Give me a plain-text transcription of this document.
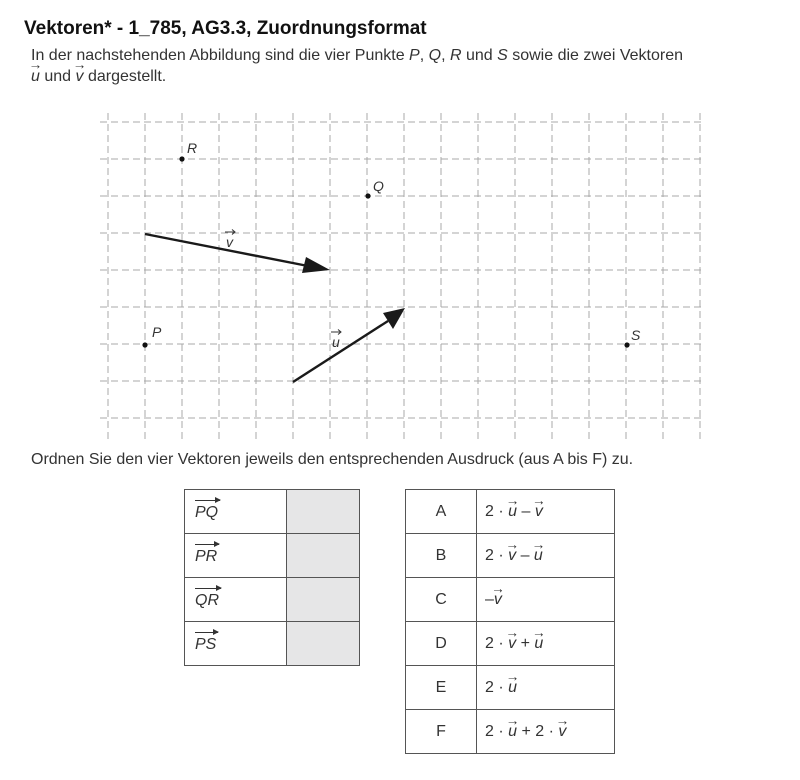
Vektoren* - 1_785, AG3.3, Zuordnungsformat
In der nachstehenden Abbildung sind die vier Punkte P, Q, R und S sowie die zwei Vektoren
→ u und → v dargestellt.
R
Q
P	S
v
u
Ordnen Sie den vier Vektoren jeweils den entsprechenden Ausdruck (aus A bis F) zu.
PQ	
PR	
QR	
PS	
A	2 · → u – → v
B	2 · → v – → u
C	–→ v
D	2 · → v + → u
E	2 · → u
F	2 · → u + 2 · → v
